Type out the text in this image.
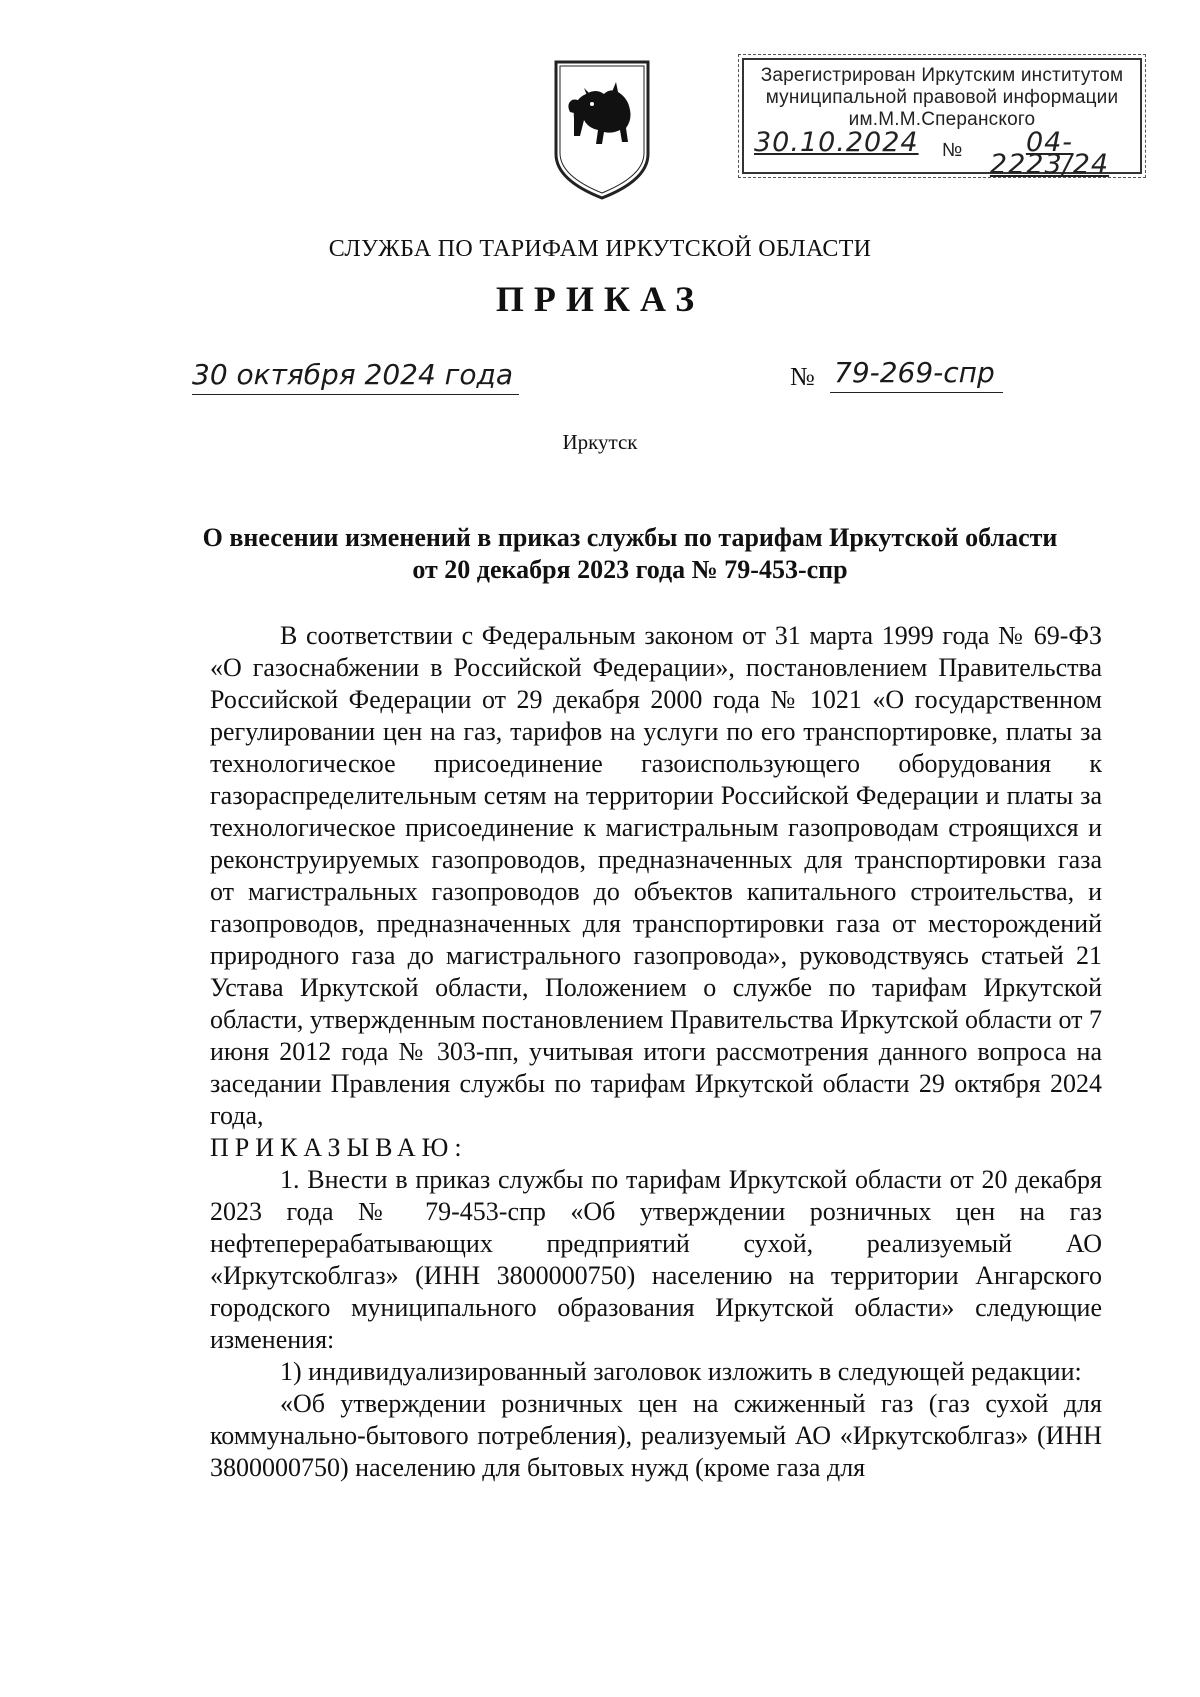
Зарегистрирован Иркутским институтом
муниципальной правовой информации
им.М.М.Сперанского
30.10.2024 №	04-2223/24
СЛУЖБА ПО ТАРИФАМ ИРКУТСКОЙ ОБЛАСТИ
ПРИКАЗ
30 октября 2024 года	№ 79-269-спр
Иркутск
О внесении изменений в приказ службы по тарифам Иркутской области
от 20 декабря 2023 года № 79-453-спр

В соответствии с Федеральным законом от 31 марта 1999 года № 69-ФЗ «О газоснабжении в Российской Федерации», постановлением Правительства Российской Федерации от 29 декабря 2000 года № 1021 «О государственном регулировании цен на газ, тарифов на услуги по его транспортировке, платы за технологическое присоединение газоиспользующего оборудования к газораспределительным сетям на территории Российской Федерации и платы за технологическое присоединение к магистральным газопроводам строящихся и реконструируемых газопроводов, предназначенных для транспортировки газа от магистральных газопроводов до объектов капитального строительства, и газопроводов, предназначенных для транспортировки газа от месторождений природного газа до магистрального газопровода», руководствуясь статьей 21 Устава Иркутской области, Положением о службе по тарифам Иркутской области, утвержденным постановлением Правительства Иркутской области от 7 июня 2012 года № 303-пп, учитывая итоги рассмотрения данного вопроса на заседании Правления службы по тарифам Иркутской области 29 октября 2024 года,

ПРИКАЗЫВАЮ:

1. Внести в приказ службы по тарифам Иркутской области от 20 декабря 2023 года № 79-453-спр «Об утверждении розничных цен на газ нефтеперерабатывающих предприятий сухой, реализуемый АО «Иркутскоблгаз» (ИНН 3800000750) населению на территории Ангарского городского муниципального образования Иркутской области» следующие изменения:

1) индивидуализированный заголовок изложить в следующей редакции:

«Об утверждении розничных цен на сжиженный газ (газ сухой для коммунально-бытового потребления), реализуемый АО «Иркутскоблгаз» (ИНН 3800000750) населению для бытовых нужд (кроме газа для
